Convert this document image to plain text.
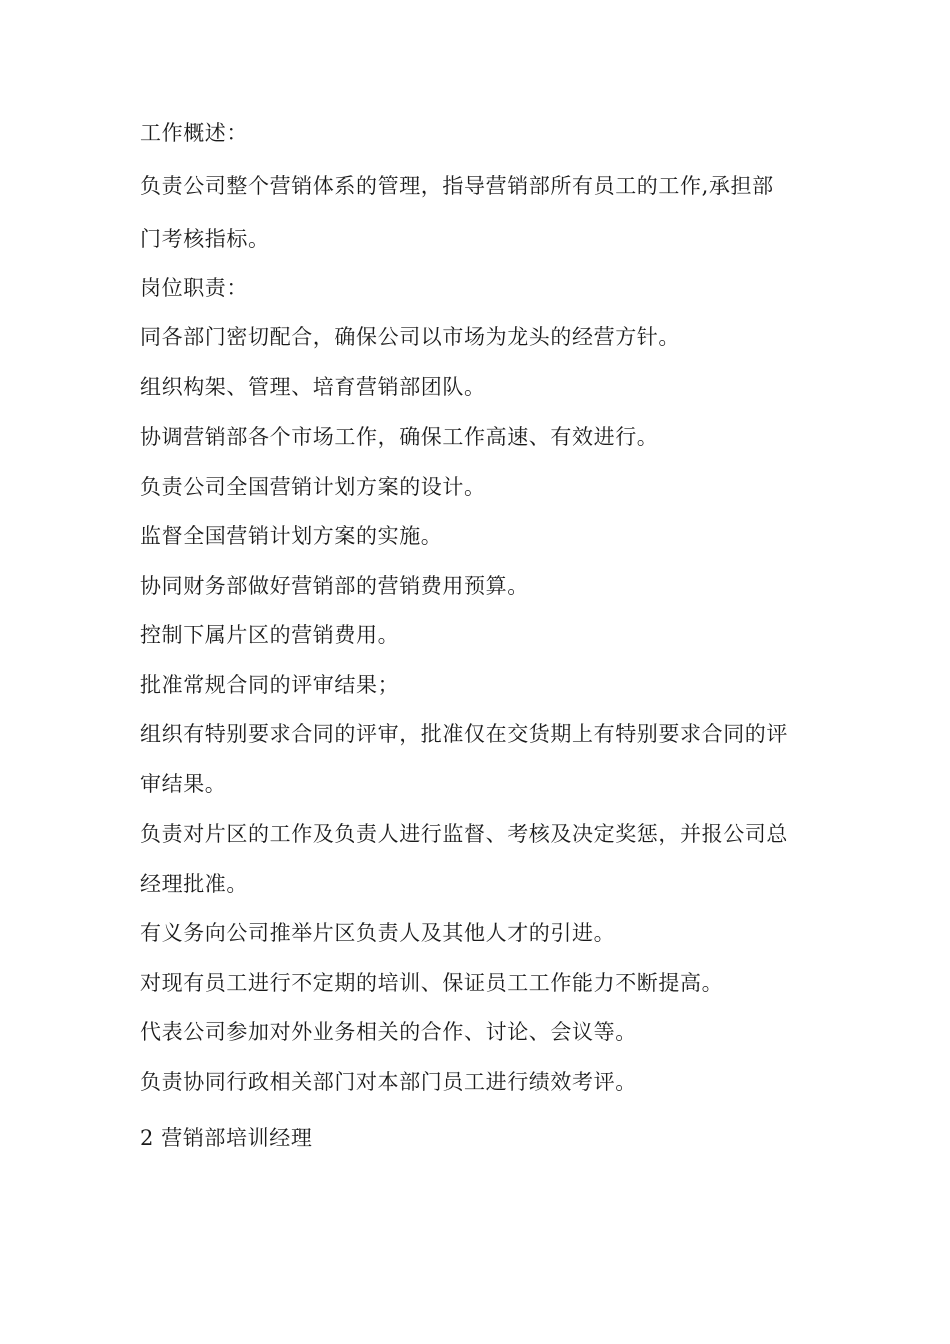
工作概述：
负责公司整个营销体系的管理，指导营销部所有员工的工作,承担部
门考核指标。
岗位职责：
同各部门密切配合，确保公司以市场为龙头的经营方针。
组织构架、管理、培育营销部团队。
协调营销部各个市场工作，确保工作高速、有效进行。
负责公司全国营销计划方案的设计。
监督全国营销计划方案的实施。
协同财务部做好营销部的营销费用预算。
控制下属片区的营销费用。
批准常规合同的评审结果；
组织有特别要求合同的评审，批准仅在交货期上有特别要求合同的评
审结果。
负责对片区的工作及负责人进行监督、考核及决定奖惩，并报公司总
经理批准。
有义务向公司推举片区负责人及其他人才的引进。
对现有员工进行不定期的培训、保证员工工作能力不断提高。
代表公司参加对外业务相关的合作、讨论、会议等。
负责协同行政相关部门对本部门员工进行绩效考评。
2 营销部培训经理
